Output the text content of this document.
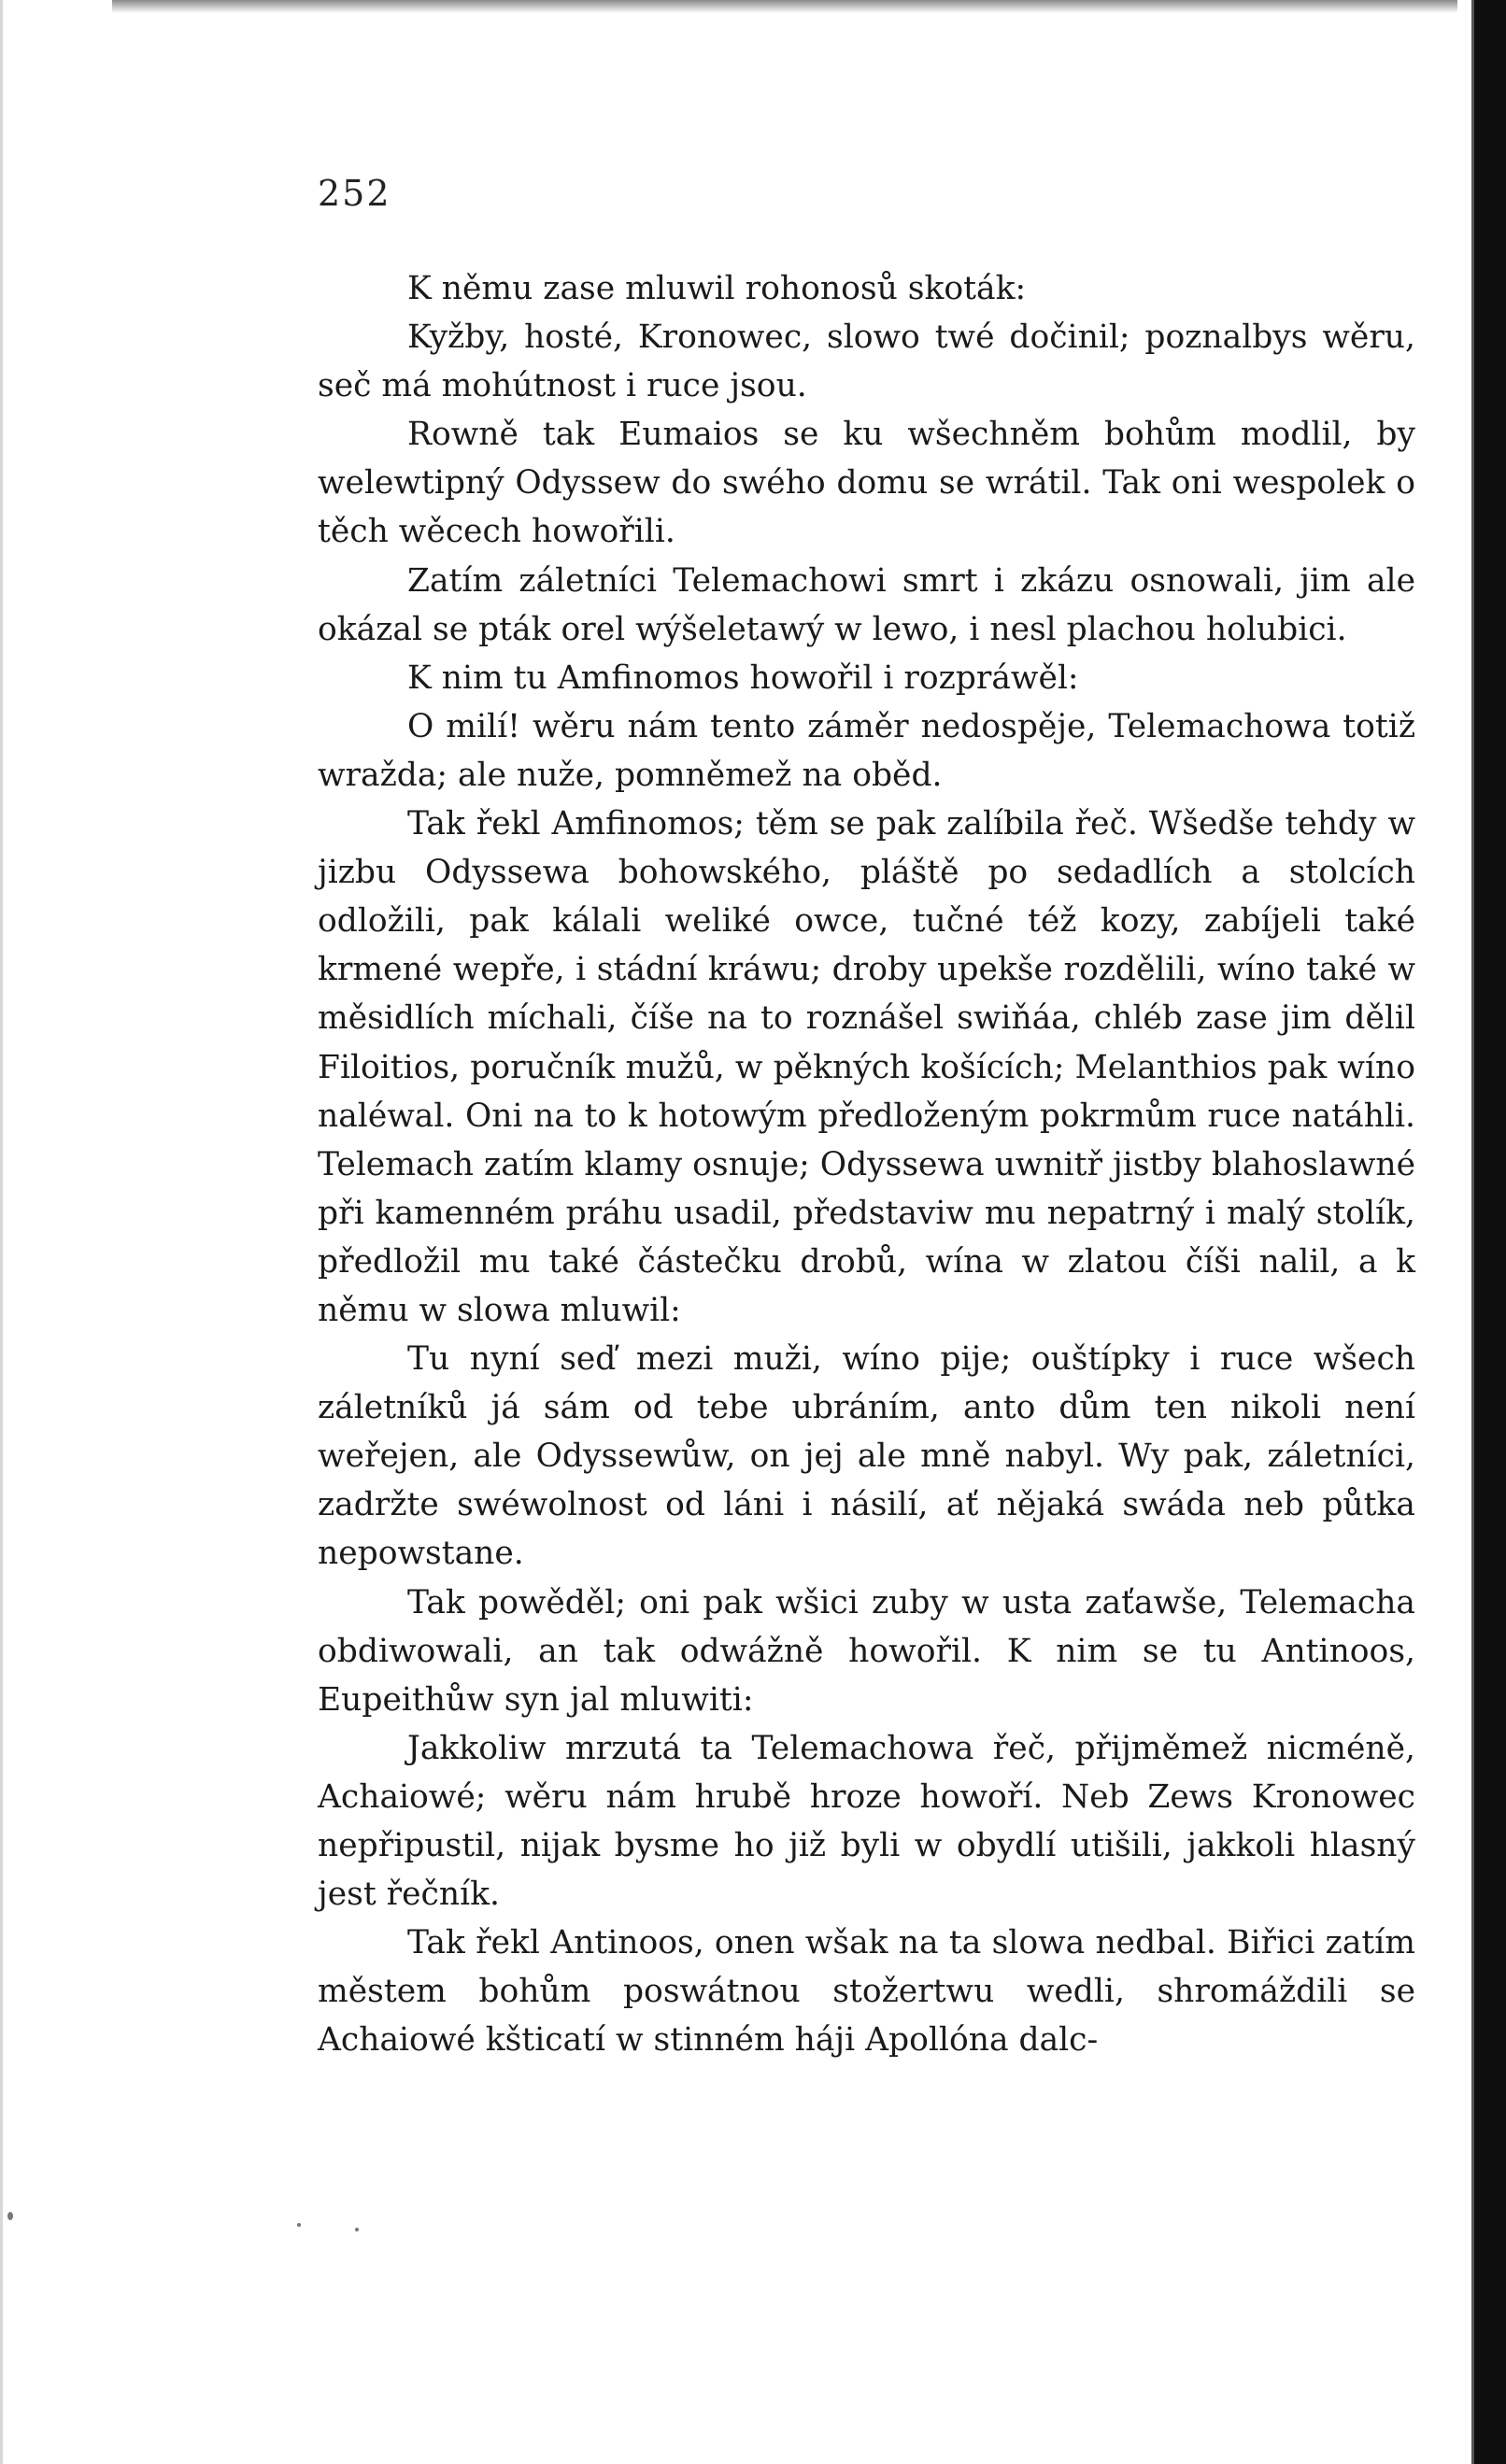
252

K němu zase mluwil rohonosů skoták:

Kyžby, hosté, Kronowec, slowo twé dočinil; poznalbys wěru, seč má mohútnost i ruce jsou.

Rowně tak Eumaios se ku wšechněm bohům modlil, by welewtipný Odyssew do swého domu se wrátil. Tak oni wespolek o těch wěcech howořili.

Zatím záletníci Telemachowi smrt i zkázu osnowali, jim ale okázal se pták orel wýšeletawý w lewo, i nesl plachou holubici.

K nim tu Amfinomos howořil i rozpráwěl:

O milí! wěru nám tento záměr nedospěje, Telemachowa totiž wražda; ale nuže, pomněmež na oběd.

Tak řekl Amfinomos; těm se pak zalíbila řeč. Wšedše tehdy w jizbu Odyssewa bohowského, pláště po sedadlích a stolcích odložili, pak kálali weliké owce, tučné též kozy, zabíjeli také krmené wepře, i stádní kráwu; droby upekše rozdělili, wíno také w měsidlích míchali, číše na to roznášel swiňáa, chléb zase jim dělil Filoitios, poručník mužů, w pěkných košících; Melanthios pak wíno naléwal. Oni na to k hotowým předloženým pokrmům ruce natáhli. Telemach zatím klamy osnuje; Odyssewa uwnitř jistby blahoslawné při kamenném práhu usadil, představiw mu nepatrný i malý stolík, předložil mu také částečku drobů, wína w zlatou číši nalil, a k němu w slowa mluwil:

Tu nyní seď mezi muži, wíno pije; ouštípky i ruce wšech záletníků já sám od tebe ubráním, anto dům ten nikoli není weřejen, ale Odyssewůw, on jej ale mně nabyl. Wy pak, záletníci, zadržte swéwolnost od láni i násilí, ať nějaká swáda neb půtka nepowstane.

Tak powěděl; oni pak wšici zuby w usta zaťawše, Telemacha obdiwowali, an tak odwážně howořil. K nim se tu Antinoos, Eupeithůw syn jal mluwiti:

Jakkoliw mrzutá ta Telemachowa řeč, přijměmež nicméně, Achaiowé; wěru nám hrubě hroze howoří. Neb Zews Kronowec nepřipustil, nijak bysme ho již byli w obydlí utišili, jakkoli hlasný jest řečník.

Tak řekl Antinoos, onen wšak na ta slowa nedbal. Biřici zatím městem bohům poswátnou stožertwu wedli, shromáždili se Achaiowé kšticatí w stinném háji Apollóna dalc-
